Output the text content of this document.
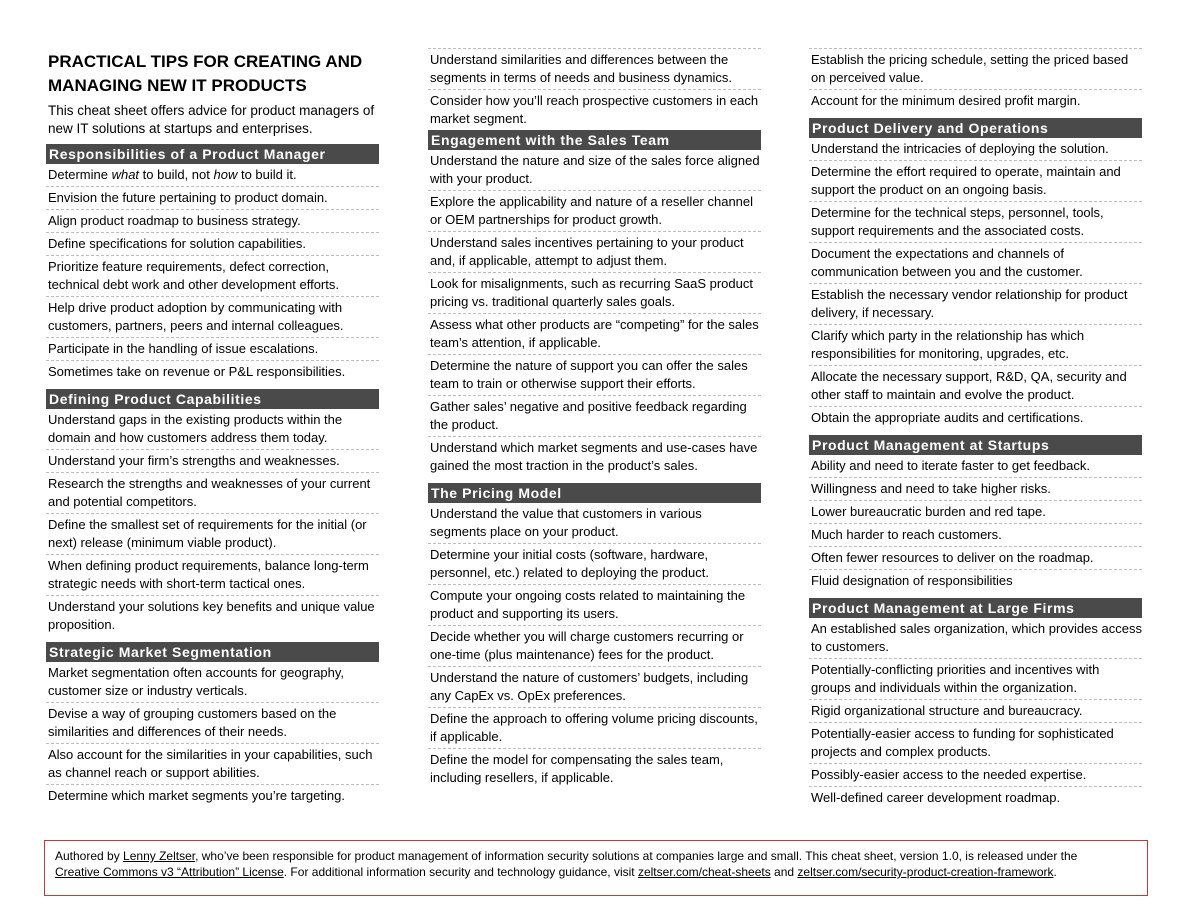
PRACTICAL TIPS FOR CREATING AND
MANAGING NEW IT PRODUCTS
This cheat sheet offers advice for product managers of new IT solutions at startups and enterprises.
Responsibilities of a Product Manager
Determine what to build, not how to build it.
Envision the future pertaining to product domain.
Align product roadmap to business strategy.
Define specifications for solution capabilities.
Prioritize feature requirements, defect correction, technical debt work and other development efforts.
Help drive product adoption by communicating with customers, partners, peers and internal colleagues.
Participate in the handling of issue escalations.
Sometimes take on revenue or P&L responsibilities.
Defining Product Capabilities
Understand gaps in the existing products within the domain and how customers address them today.
Understand your firm’s strengths and weaknesses.
Research the strengths and weaknesses of your current and potential competitors.
Define the smallest set of requirements for the initial (or next) release (minimum viable product).
When defining product requirements, balance long-term strategic needs with short-term tactical ones.
Understand your solutions key benefits and unique value proposition.
Strategic Market Segmentation
Market segmentation often accounts for geography, customer size or industry verticals.
Devise a way of grouping customers based on the similarities and differences of their needs.
Also account for the similarities in your capabilities, such as channel reach or support abilities.
Determine which market segments you’re targeting.
Understand similarities and differences between the segments in terms of needs and business dynamics.
Consider how you’ll reach prospective customers in each market segment.
Engagement with the Sales Team
Understand the nature and size of the sales force aligned with your product.
Explore the applicability and nature of a reseller channel or OEM partnerships for product growth.
Understand sales incentives pertaining to your product and, if applicable, attempt to adjust them.
Look for misalignments, such as recurring SaaS product pricing vs. traditional quarterly sales goals.
Assess what other products are “competing” for the sales team’s attention, if applicable.
Determine the nature of support you can offer the sales team to train or otherwise support their efforts.
Gather sales’ negative and positive feedback regarding the product.
Understand which market segments and use-cases have gained the most traction in the product’s sales.
The Pricing Model
Understand the value that customers in various segments place on your product.
Determine your initial costs (software, hardware, personnel, etc.) related to deploying the product.
Compute your ongoing costs related to maintaining the product and supporting its users.
Decide whether you will charge customers recurring or one-time (plus maintenance) fees for the product.
Understand the nature of customers’ budgets, including any CapEx vs. OpEx preferences.
Define the approach to offering volume pricing discounts, if applicable.
Define the model for compensating the sales team, including resellers, if applicable.
Establish the pricing schedule, setting the priced based on perceived value.
Account for the minimum desired profit margin.
Product Delivery and Operations
Understand the intricacies of deploying the solution.
Determine the effort required to operate, maintain and support the product on an ongoing basis.
Determine for the technical steps, personnel, tools, support requirements and the associated costs.
Document the expectations and channels of communication between you and the customer.
Establish the necessary vendor relationship for product delivery, if necessary.
Clarify which party in the relationship has which responsibilities for monitoring, upgrades, etc.
Allocate the necessary support, R&D, QA, security and other staff to maintain and evolve the product.
Obtain the appropriate audits and certifications.
Product Management at Startups
Ability and need to iterate faster to get feedback.
Willingness and need to take higher risks.
Lower bureaucratic burden and red tape.
Much harder to reach customers.
Often fewer resources to deliver on the roadmap.
Fluid designation of responsibilities
Product Management at Large Firms
An established sales organization, which provides access to customers.
Potentially-conflicting priorities and incentives with groups and individuals within the organization.
Rigid organizational structure and bureaucracy.
Potentially-easier access to funding for sophisticated projects and complex products.
Possibly-easier access to the needed expertise.
Well-defined career development roadmap.
Authored by Lenny Zeltser, who’ve been responsible for product management of information security solutions at companies large and small. This cheat sheet, version 1.0, is released under the
Creative Commons v3 “Attribution” License. For additional information security and technology guidance, visit zeltser.com/cheat-sheets and zeltser.com/security-product-creation-framework.
